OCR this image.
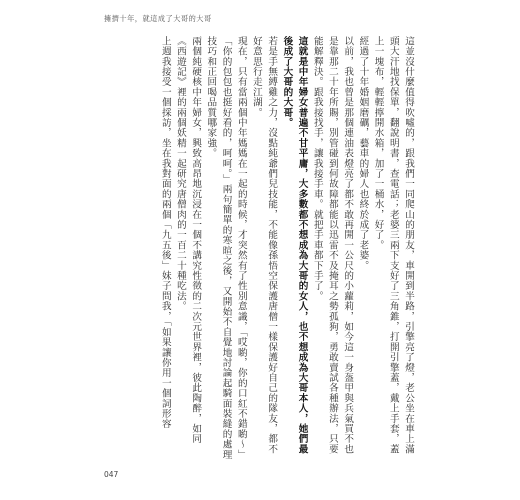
擁擠十年，就這成了大哥的大哥

這並沒什麼值得吹噓的，跟我們一同爬山的朋友，車開到半路，引擎亮了燈，老公坐在車上滿頭大汗地找保單，翻說明書，查電話；老婆三兩下支好了三角錐，打開引擎蓋，戴上手套，蓋上一塊布，輕輕擰開水箱，加了一桶水，好了。

經過了十年婚姻磨礪，藝車的婦人也終於成了老婆。

以前，我也曾是那個連油表燈亮了都不敢再開一公尺的小蘿莉，如今這一身盔甲與兵氣買不也是靠那二十年所賜，別管碰到何故障都能以迅雷不及掩耳之勢孤狗，勇敢賣試各種辦法，只要能解釋決。跟我接找手，讓我接手車。就把手車都下手了。

這就是中年婦女普遍不甘平庸，大多數都不想成為大哥的女人，也不想成為大哥本人，她們最後成了大哥的大哥。

若是手無縛雞之力，沒點純爺們兒技能，不能像孫悟空保護唐僧一樣保護好自己的隊友，都不好意思行走江湖。

現在，只有當兩個中年媽媽在一起的時候，才突然有了性別意識，「哎喲，你的口紅不錯喲～」「你的包包也挺好看的，呵呵。」兩句簡單的寒暄之後，又開始不自覺地討論起騎面裝縫的處理技巧和正回喝品質哪家強。

兩個純硬核中年婦女，興致高昂地沉浸在一個不講究性徵的二次元世界裡，彼此陶醉，如同《西遊記》裡的兩個妖精一起研究唐僧肉的一百二十種吃法。

上週我接受一個採訪，坐在我對面的兩個「九五後」妹子問我，「如果讓你用一個詞形容

047
